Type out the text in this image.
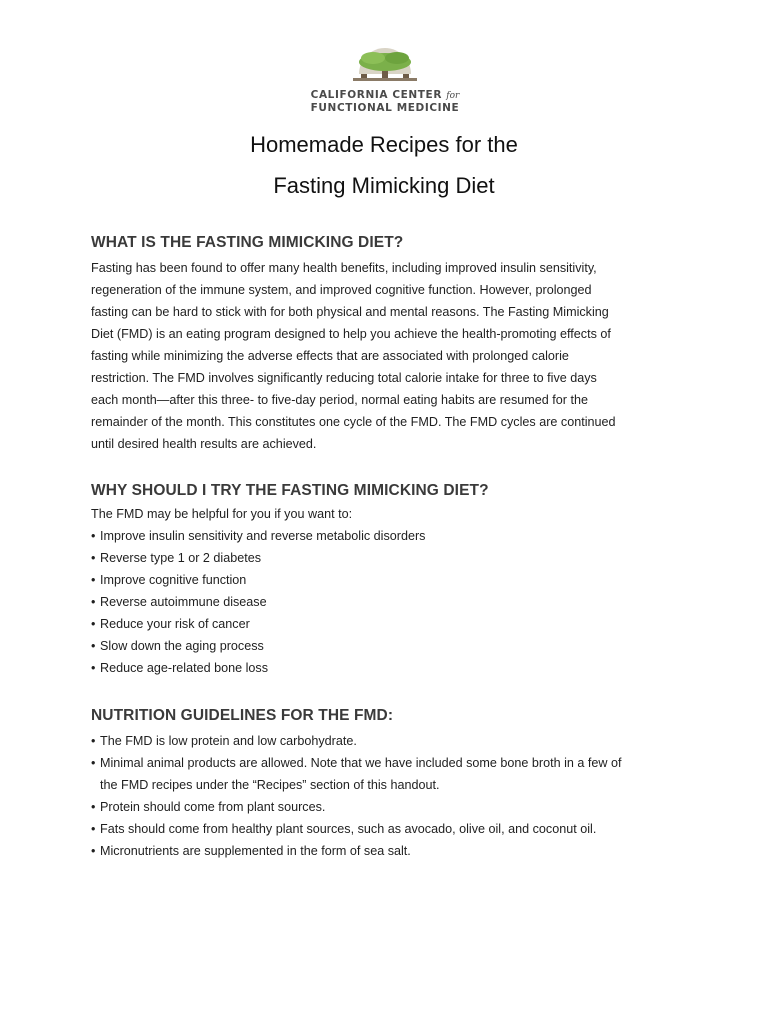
CALIFORNIA CENTER for
FUNCTIONAL MEDICINE
Homemade Recipes for the
Fasting Mimicking Diet
WHAT IS THE FASTING MIMICKING DIET?
Fasting has been found to offer many health benefits, including improved insulin sensitivity,
regeneration of the immune system, and improved cognitive function. However, prolonged
fasting can be hard to stick with for both physical and mental reasons. The Fasting Mimicking
Diet (FMD) is an eating program designed to help you achieve the health-promoting effects of
fasting while minimizing the adverse effects that are associated with prolonged calorie
restriction. The FMD involves significantly reducing total calorie intake for three to five days
each month—after this three- to five-day period, normal eating habits are resumed for the
remainder of the month. This constitutes one cycle of the FMD. The FMD cycles are continued
until desired health results are achieved.
WHY SHOULD I TRY THE FASTING MIMICKING DIET?
The FMD may be helpful for you if you want to:
• Improve insulin sensitivity and reverse metabolic disorders
• Reverse type 1 or 2 diabetes
• Improve cognitive function
• Reverse autoimmune disease
• Reduce your risk of cancer
• Slow down the aging process
• Reduce age-related bone loss
NUTRITION GUIDELINES FOR THE FMD:
• The FMD is low protein and low carbohydrate.
• Minimal animal products are allowed. Note that we have included some bone broth in a few of
the FMD recipes under the “Recipes” section of this handout.
• Protein should come from plant sources.
• Fats should come from healthy plant sources, such as avocado, olive oil, and coconut oil.
• Micronutrients are supplemented in the form of sea salt.
